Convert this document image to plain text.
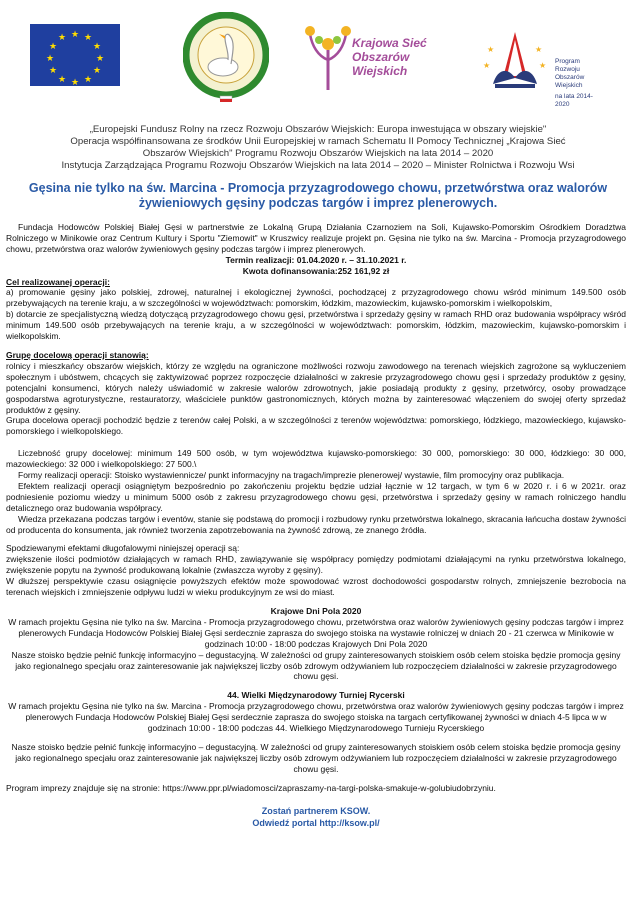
★ ★
★
★
★
★
★
★
★
★
★
★	Krajowa Sieć
Obszarów Wiejskich
★	★
★	★ Program
Rozwoju
Obszarów
Wiejskich
na lata 2014-2020
„Europejski Fundusz Rolny na rzecz Rozwoju Obszarów Wiejskich: Europa inwestująca w obszary wiejskie"
Operacja współfinansowana ze środków Unii Europejskiej w ramach Schematu II Pomocy Technicznej „Krajowa Sieć
Obszarów Wiejskich" Programu Rozwoju Obszarów Wiejskich na lata 2014 – 2020
Instytucja Zarządzająca Programu Rozwoju Obszarów Wiejskich na lata 2014 – 2020 – Minister Rolnictwa i Rozwoju Wsi
Gęsina nie tylko na św. Marcina - Promocja przyzagrodowego chowu, przetwórstwa oraz walorów żywieniowych gęsiny podczas targów i imprez plenerowych.

Fundacja Hodowców Polskiej Białej Gęsi w partnerstwie ze Lokalną Grupą Działania Czarnoziem na Soli, Kujawsko-Pomorskim Ośrodkiem Doradztwa Rolniczego w Minikowie oraz Centrum Kultury i Sportu "Ziemowit" w Kruszwicy realizuje projekt pn. Gęsina nie tylko na św. Marcina - Promocja przyzagrodowego chowu, przetwórstwa oraz walorów żywieniowych gęsiny podczas targów i imprez plenerowych.

Termin realizacji: 01.04.2020 r. – 31.10.2021 r.

Kwota dofinansowania:252 161,92 zł

Cel realizowanej operacji:

a) promowanie gęsiny jako polskiej, zdrowej, naturalnej i ekologicznej żywności, pochodzącej z przyzagrodowego chowu wśród minimum 149.500 osób przebywających na terenie kraju, a w szczególności w województwach: pomorskim, łódzkim, mazowieckim, kujawsko-pomorskim i wielkopolskim,

b) dotarcie ze specjalistyczną wiedzą dotyczącą przyzagrodowego chowu gęsi, przetwórstwa i sprzedaży gęsiny w ramach RHD oraz budowania współpracy wśród minimum 149.500 osób przebywających na terenie kraju, a w szczególności w województwach: pomorskim, łódzkim, mazowieckim, kujawsko-pomorskim i wielkopolskim.

Grupę docelową operacji stanowią:

rolnicy i mieszkańcy obszarów wiejskich, którzy ze względu na ograniczone możliwości rozwoju zawodowego na terenach wiejskich zagrożone są wykluczeniem społecznym i ubóstwem, chcących się zaktywizować poprzez rozpoczęcie działalności w zakresie przyzagrodowego chowu gęsi i sprzedaży produktów z gęsiny, potencjalni konsumenci, których należy uświadomić w zakresie walorów zdrowotnych, jakie posiadają produkty z gęsiny, przetwórcy, osoby prowadzące gospodarstwa agroturystyczne, restauratorzy, właściciele punktów gastronomicznych, których można by zainteresować włączeniem do swojej oferty sprzedaż produktów z gęsiny.

Grupa docelowa operacji pochodzić będzie z terenów całej Polski, a w szczególności z terenów województwa: pomorskiego, łódzkiego, mazowieckiego, kujawsko-pomorskiego i wielkopolskiego.

Liczebność grupy docelowej: minimum 149 500 osób, w tym województwa kujawsko-pomorskiego: 30 000, pomorskiego: 30 000, łódzkiego: 30 000, mazowieckiego: 32 000 i wielkopolskiego: 27 500.\

Formy realizacji operacji: Stoisko wystawiennicze/ punkt informacyjny na tragach/imprezie plenerowej/ wystawie, film promocyjny oraz publikacja.

Efektem realizacji operacji osiągniętym bezpośrednio po zakończeniu projektu będzie udział łącznie w 12 targach, w tym 6 w 2020 r. i 6 w 2021r. oraz podniesienie poziomu wiedzy u minimum 5000 osób z zakresu przyzagrodowego chowu gęsi, przetwórstwa i sprzedaży gęsiny w ramach rolniczego handlu detalicznego oraz budowania współpracy.

Wiedza przekazana podczas targów i eventów, stanie się podstawą do promocji i rozbudowy rynku przetwórstwa lokalnego, skracania łańcucha dostaw żywności od producenta do konsumenta, jak również tworzenia zapotrzebowania na żywność zdrową, ze znanego źródła.

Spodziewanymi efektami długofalowymi niniejszej operacji są:

zwiększenie ilości podmiotów działających w ramach RHD, zawiązywanie się współpracy pomiędzy podmiotami działającymi na rynku przetwórstwa lokalnego, zwiększenie popytu na żywność produkowaną lokalnie (zwłaszcza wyroby z gęsiny).

W dłuższej perspektywie czasu osiągnięcie powyższych efektów może spowodować wzrost dochodowości gospodarstw rolnych, zmniejszenie bezrobocia na terenach wiejskich i zmniejszenie odpływu ludzi w wieku produkcyjnym ze wsi do miast.

Krajowe Dni Pola 2020

W ramach projektu Gęsina nie tylko na św. Marcina - Promocja przyzagrodowego chowu, przetwórstwa oraz walorów żywieniowych gęsiny podczas targów i imprez plenerowych Fundacja Hodowców Polskiej Białej Gęsi serdecznie zaprasza do swojego stoiska na wystawie rolniczej w dniach 20 - 21 czerwca w Minikowie w godzinach 10:00 - 18:00 podczas Krajowych Dni Pola 2020

Nasze stoisko będzie pełnić funkcję informacyjno – degustacyjną. W zależności od grupy zainteresowanych stoiskiem osób celem stoiska będzie promocja gęsiny jako regionalnego specjału oraz zainteresowanie jak największej liczby osób zdrowym odżywianiem lub rozpoczęciem działalności w zakresie przyzagrodowego chowu gęsi.

44. Wielki Międzynarodowy Turniej Rycerski

W ramach projektu Gęsina nie tylko na św. Marcina - Promocja przyzagrodowego chowu, przetwórstwa oraz walorów żywieniowych gęsiny podczas targów i imprez plenerowych Fundacja Hodowców Polskiej Białej Gęsi serdecznie zaprasza do swojego stoiska na targach certyfikowanej żywności w dniach 4-5 lipca w w godzinach 10:00 - 18:00 podczas 44. Wielkiego Międzynarodowego Turnieju Rycerskiego

Nasze stoisko będzie pełnić funkcję informacyjno – degustacyjną. W zależności od grupy zainteresowanych stoiskiem osób celem stoiska będzie promocja gęsiny jako regionalnego specjału oraz zainteresowanie jak największej liczby osób zdrowym odżywianiem lub rozpoczęciem działalności w zakresie przyzagrodowego chowu gęsi.

Program imprezy znajduje się na stronie: https://www.ppr.pl/wiadomosci/zapraszamy-na-targi-polska-smakuje-w-golubiudobrzyniu.

Zostań partnerem KSOW.
Odwiedź portal http://ksow.pl/
